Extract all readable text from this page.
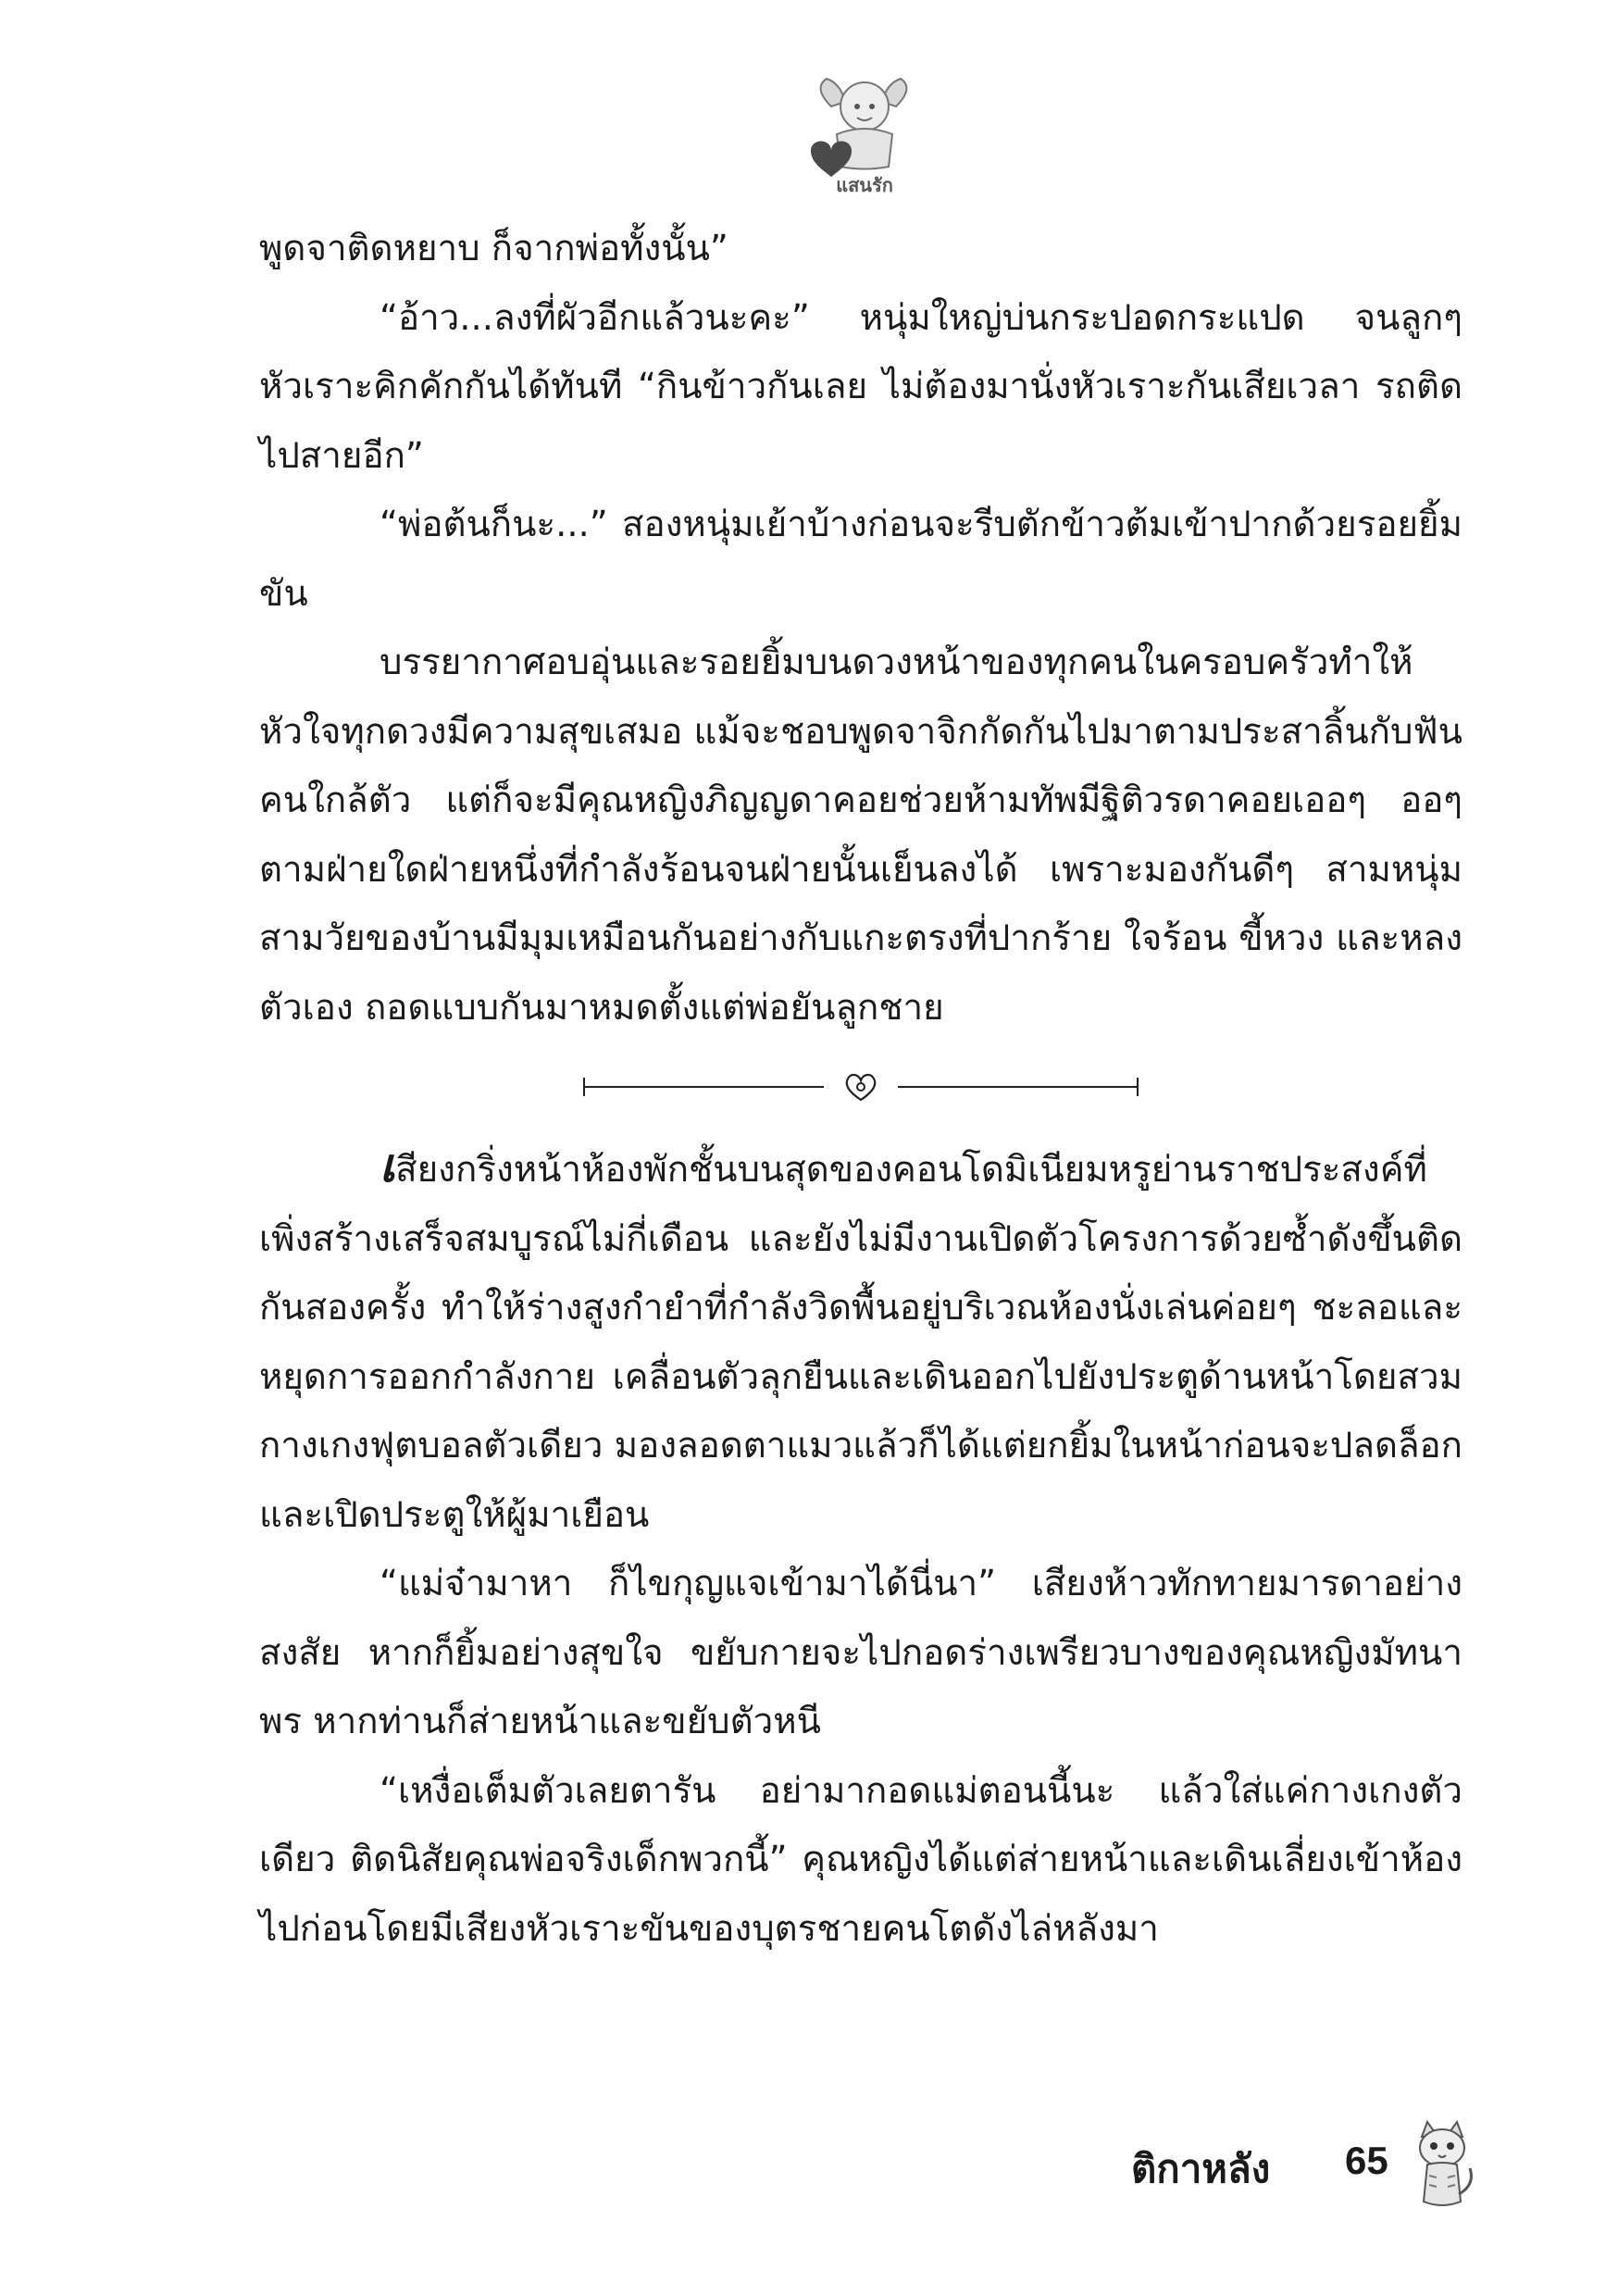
แสนรัก

พูดจาติดหยาบ ก็จากพ่อทั้งนั้น”

“อ้าว...ลงที่ผัวอีกแล้วนะคะ” หนุ่มใหญ่บ่นกระปอดกระแปด จนลูกๆ หัวเราะคิกคักกันได้ทันที “กินข้าวกันเลย ไม่ต้องมานั่งหัวเราะกันเสียเวลา รถติดไปสายอีก”

“พ่อต้นก็นะ...” สองหนุ่มเย้าบ้างก่อนจะรีบตักข้าวต้มเข้าปากด้วยรอยยิ้มขัน

บรรยากาศอบอุ่นและรอยยิ้มบนดวงหน้าของทุกคนในครอบครัวทำให้หัวใจทุกดวงมีความสุขเสมอ แม้จะชอบพูดจาจิกกัดกันไปมาตามประสาลิ้นกับฟันคนใกล้ตัว แต่ก็จะมีคุณหญิงภิญญดาคอยช่วยห้ามทัพมีฐิติวรดาคอยเออๆ ออๆ ตามฝ่ายใดฝ่ายหนึ่งที่กำลังร้อนจนฝ่ายนั้นเย็นลงได้ เพราะมองกันดีๆ สามหนุ่มสามวัยของบ้านมีมุมเหมือนกันอย่างกับแกะตรงที่ปากร้าย ใจร้อน ขี้หวง และหลงตัวเอง ถอดแบบกันมาหมดตั้งแต่พ่อยันลูกชาย

เสียงกริ่งหน้าห้องพักชั้นบนสุดของคอนโดมิเนียมหรูย่านราชประสงค์ที่เพิ่งสร้างเสร็จสมบูรณ์ไม่กี่เดือน และยังไม่มีงานเปิดตัวโครงการด้วยซ้ำดังขึ้นติดกันสองครั้ง ทำให้ร่างสูงกำยำที่กำลังวิดพื้นอยู่บริเวณห้องนั่งเล่นค่อยๆ ชะลอและหยุดการออกกำลังกาย เคลื่อนตัวลุกยืนและเดินออกไปยังประตูด้านหน้าโดยสวมกางเกงฟุตบอลตัวเดียว มองลอดตาแมวแล้วก็ได้แต่ยกยิ้มในหน้าก่อนจะปลดล็อกและเปิดประตูให้ผู้มาเยือน

“แม่จ๋ามาหา ก็ไขกุญแจเข้ามาได้นี่นา” เสียงห้าวทักทายมารดาอย่างสงสัย หากก็ยิ้มอย่างสุขใจ ขยับกายจะไปกอดร่างเพรียวบางของคุณหญิงมัทนาพร หากท่านก็ส่ายหน้าและขยับตัวหนี

“เหงื่อเต็มตัวเลยตารัน อย่ามากอดแม่ตอนนี้นะ แล้วใส่แค่กางเกงตัวเดียว ติดนิสัยคุณพ่อจริงเด็กพวกนี้” คุณหญิงได้แต่ส่ายหน้าและเดินเลี่ยงเข้าห้องไปก่อนโดยมีเสียงหัวเราะขันของบุตรชายคนโตดังไล่หลังมา

ติกาหลัง 65
